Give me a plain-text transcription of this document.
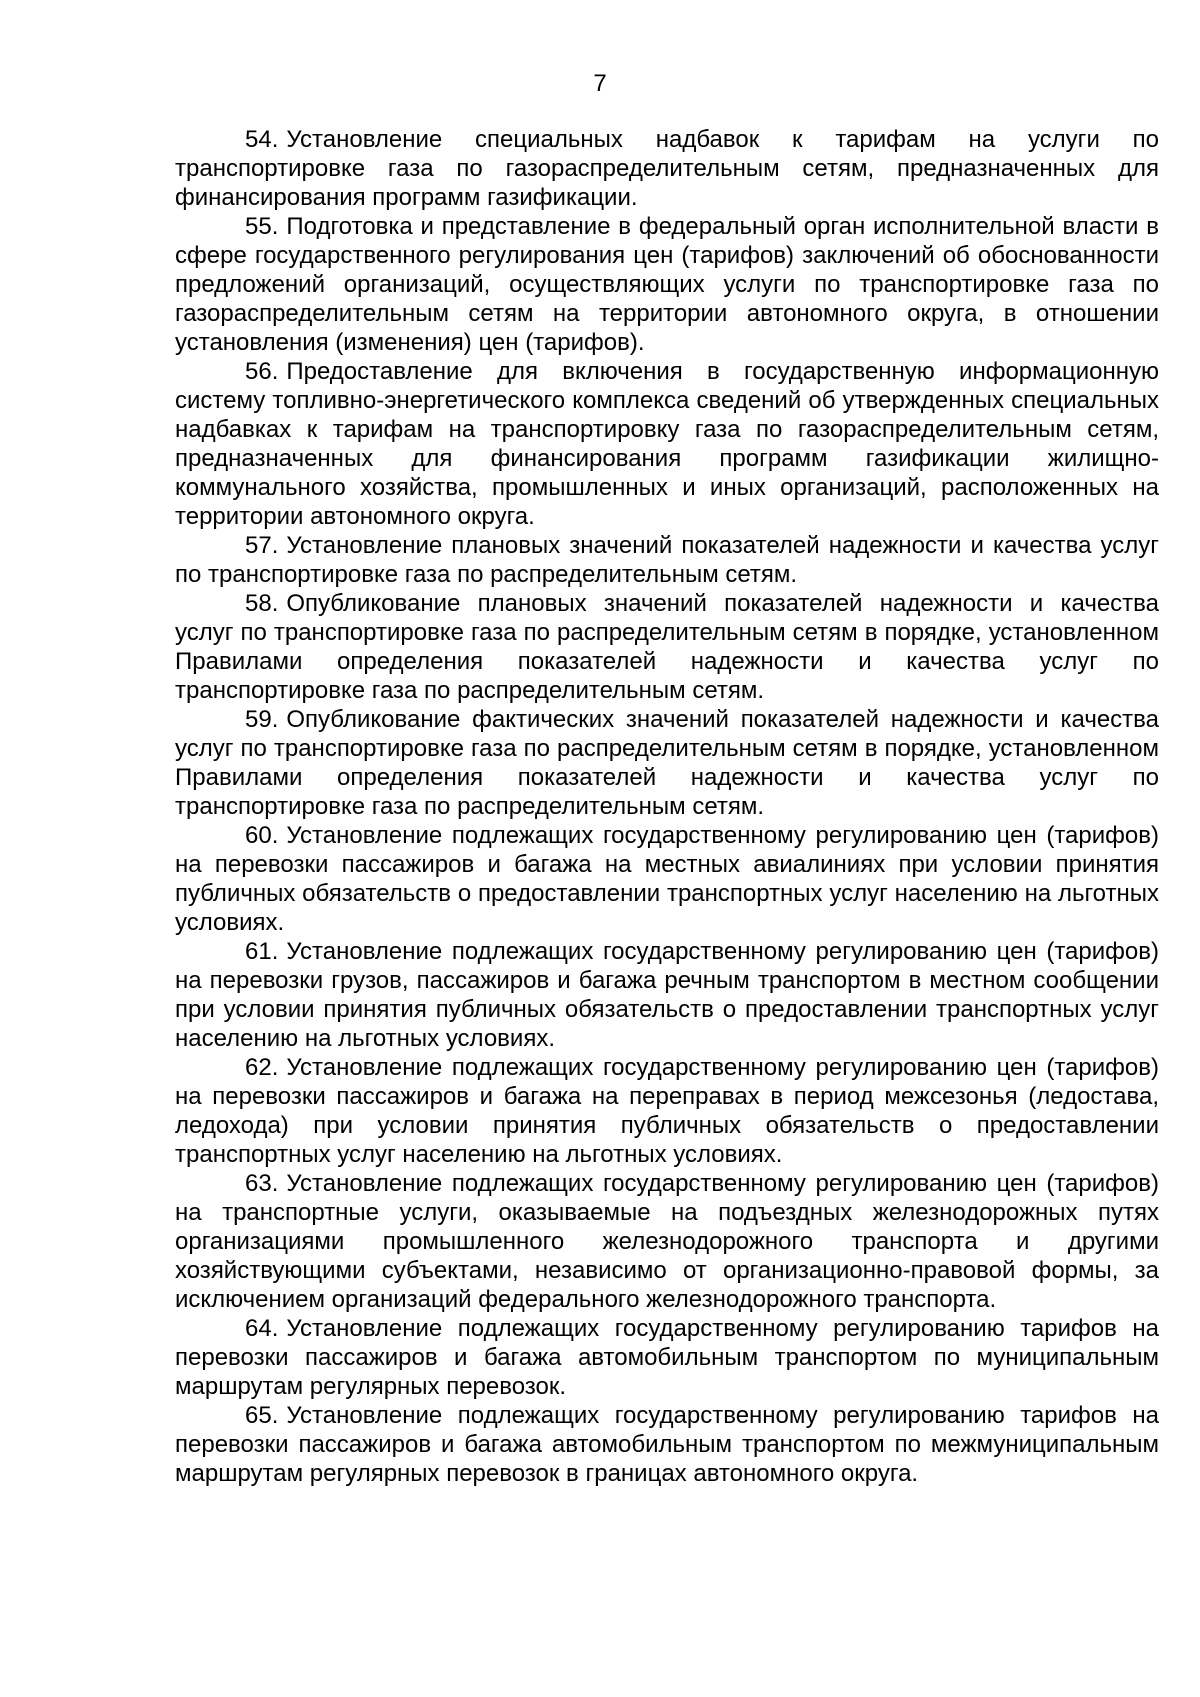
7

54. Установление специальных надбавок к тарифам на услуги по транспортировке газа по газораспределительным сетям, предназначенных для финансирования программ газификации.

55. Подготовка и представление в федеральный орган исполнительной власти в сфере государственного регулирования цен (тарифов) заключений об обоснованности предложений организаций, осуществляющих услуги по транспортировке газа по газораспределительным сетям на территории автономного округа, в отношении установления (изменения) цен (тарифов).

56. Предоставление для включения в государственную информационную систему топливно-энергетического комплекса сведений об утвержденных специальных надбавках к тарифам на транспортировку газа по газораспределительным сетям, предназначенных для финансирования программ газификации жилищно-коммунального хозяйства, промышленных и иных организаций, расположенных на территории автономного округа.

57. Установление плановых значений показателей надежности и качества услуг по транспортировке газа по распределительным сетям.

58. Опубликование плановых значений показателей надежности и качества услуг по транспортировке газа по распределительным сетям в порядке, установленном Правилами определения показателей надежности и качества услуг по транспортировке газа по распределительным сетям.

59. Опубликование фактических значений показателей надежности и качества услуг по транспортировке газа по распределительным сетям в порядке, установленном Правилами определения показателей надежности и качества услуг по транспортировке газа по распределительным сетям.

60. Установление подлежащих государственному регулированию цен (тарифов) на перевозки пассажиров и багажа на местных авиалиниях при условии принятия публичных обязательств о предоставлении транспортных услуг населению на льготных условиях.

61. Установление подлежащих государственному регулированию цен (тарифов) на перевозки грузов, пассажиров и багажа речным транспортом в местном сообщении при условии принятия публичных обязательств о предоставлении транспортных услуг населению на льготных условиях.

62. Установление подлежащих государственному регулированию цен (тарифов) на перевозки пассажиров и багажа на переправах в период межсезонья (ледостава, ледохода) при условии принятия публичных обязательств о предоставлении транспортных услуг населению на льготных условиях.

63. Установление подлежащих государственному регулированию цен (тарифов) на транспортные услуги, оказываемые на подъездных железнодорожных путях организациями промышленного железнодорожного транспорта и другими хозяйствующими субъектами, независимо от организационно-правовой формы, за исключением организаций федерального железнодорожного транспорта.

64. Установление подлежащих государственному регулированию тарифов на перевозки пассажиров и багажа автомобильным транспортом по муниципальным маршрутам регулярных перевозок.

65. Установление подлежащих государственному регулированию тарифов на перевозки пассажиров и багажа автомобильным транспортом по межмуниципальным маршрутам регулярных перевозок в границах автономного округа.
